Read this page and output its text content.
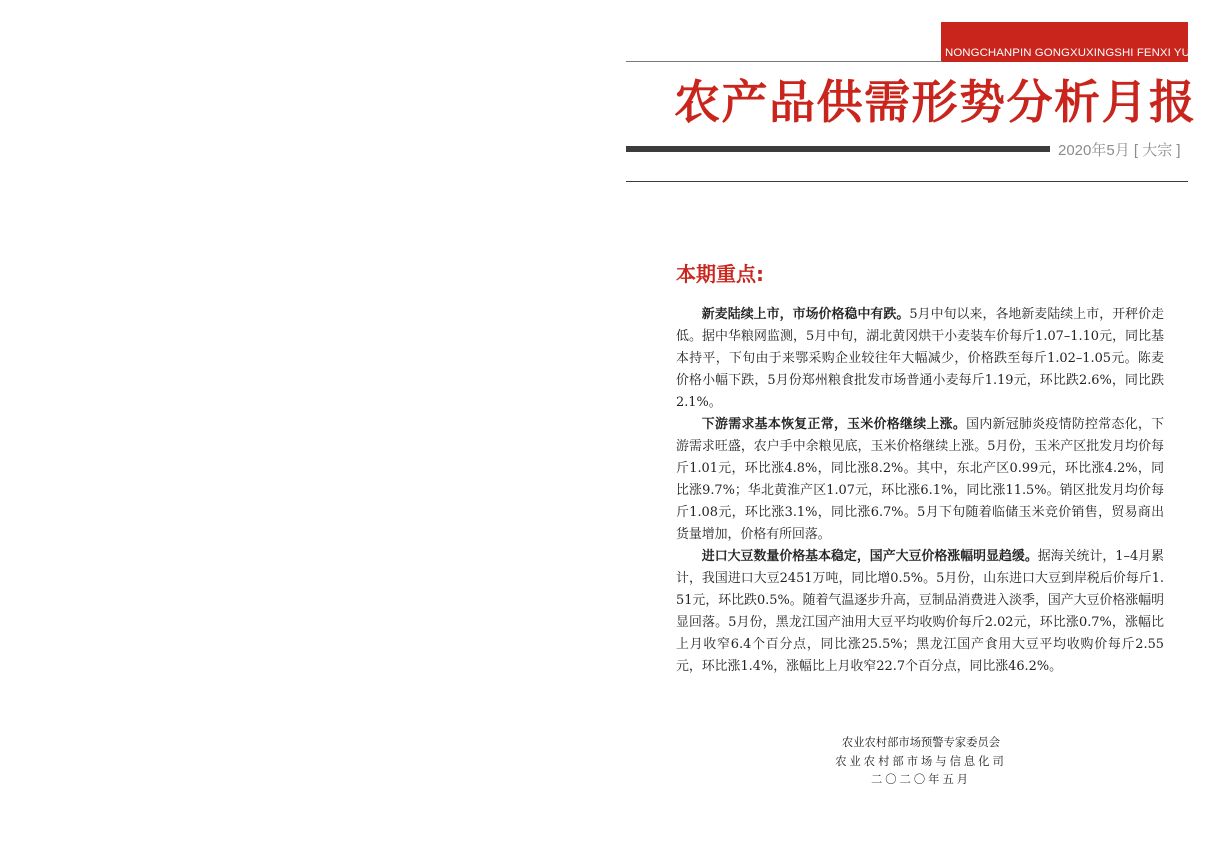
NONGCHANPIN GONGXUXINGSHI FENXI YUEBAO
农产品供需形势分析月报
2020年5月 [ 大宗 ]
本期重点:

新麦陆续上市，市场价格稳中有跌。5月中旬以来，各地新麦陆续上市，开秤价走低。据中华粮网监测，5月中旬，湖北黄冈烘干小麦装车价每斤1.07–1.10元，同比基本持平，下旬由于来鄂采购企业较往年大幅减少，价格跌至每斤1.02–1.05元。陈麦价格小幅下跌，5月份郑州粮食批发市场普通小麦每斤1.19元，环比跌2.6%，同比跌2.1%。

下游需求基本恢复正常，玉米价格继续上涨。国内新冠肺炎疫情防控常态化，下游需求旺盛，农户手中余粮见底，玉米价格继续上涨。5月份，玉米产区批发月均价每斤1.01元，环比涨4.8%，同比涨8.2%。其中，东北产区0.99元，环比涨4.2%，同比涨9.7%；华北黄淮产区1.07元，环比涨6.1%，同比涨11.5%。销区批发月均价每斤1.08元，环比涨3.1%，同比涨6.7%。5月下旬随着临储玉米竞价销售，贸易商出货量增加，价格有所回落。

进口大豆数量价格基本稳定，国产大豆价格涨幅明显趋缓。据海关统计，1–4月累计，我国进口大豆2451万吨，同比增0.5%。5月份，山东进口大豆到岸税后价每斤1.51元，环比跌0.5%。随着气温逐步升高，豆制品消费进入淡季，国产大豆价格涨幅明显回落。5月份，黑龙江国产油用大豆平均收购价每斤2.02元，环比涨0.7%，涨幅比上月收窄6.4个百分点，同比涨25.5%；黑龙江国产食用大豆平均收购价每斤2.55元，环比涨1.4%，涨幅比上月收窄22.7个百分点，同比涨46.2%。

农业农村部市场预警专家委员会
农业农村部市场与信息化司
二〇二〇年五月
